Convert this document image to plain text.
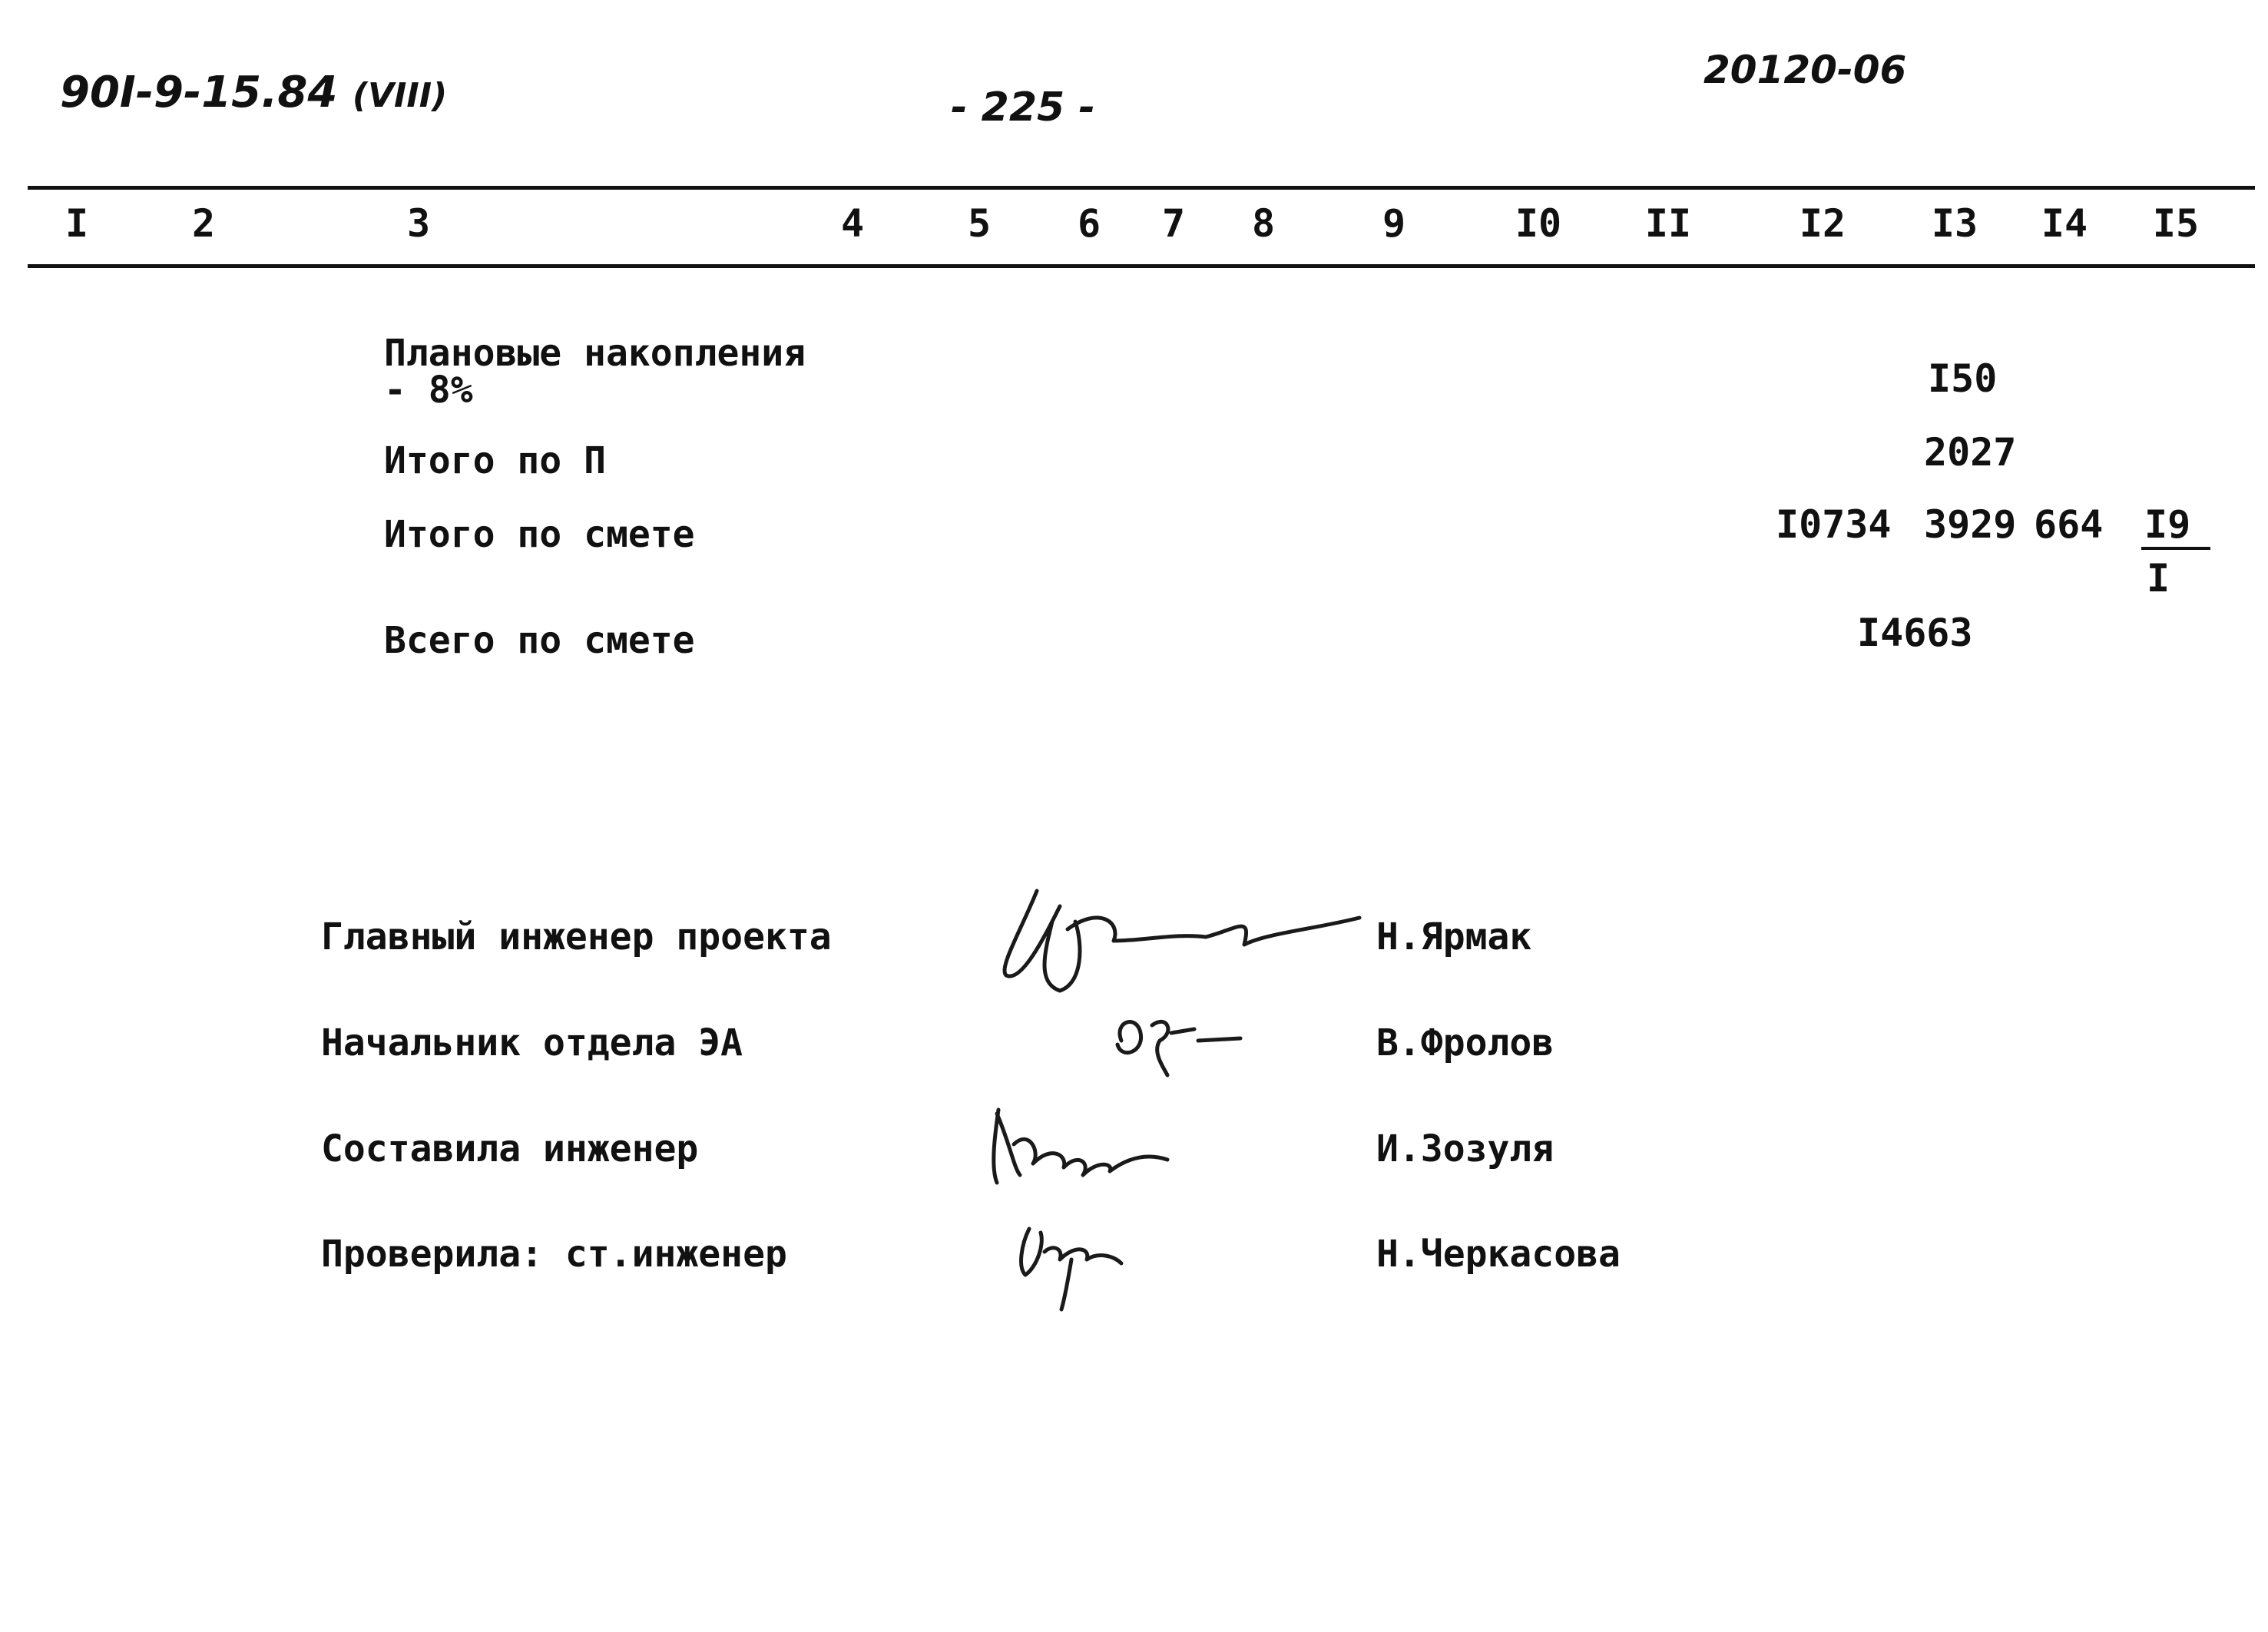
90I-9-15.84 (VIII)	- 225 -
20120-06
I	2	3	4	5 6 7 8	9	I0 II	I2 I3 I4 I5
Плановые накопления
- 8%	I50
Итого по П	2027
Итого по смете	I0734 3929 664 I9
I
Всего по смете	I4663
Главный инженер проекта	Н.Ярмак
Начальник отдела ЭА	В.Фролов
Составила инженер	И.Зозуля
Проверила: ст.инженер	Н.Черкасова
